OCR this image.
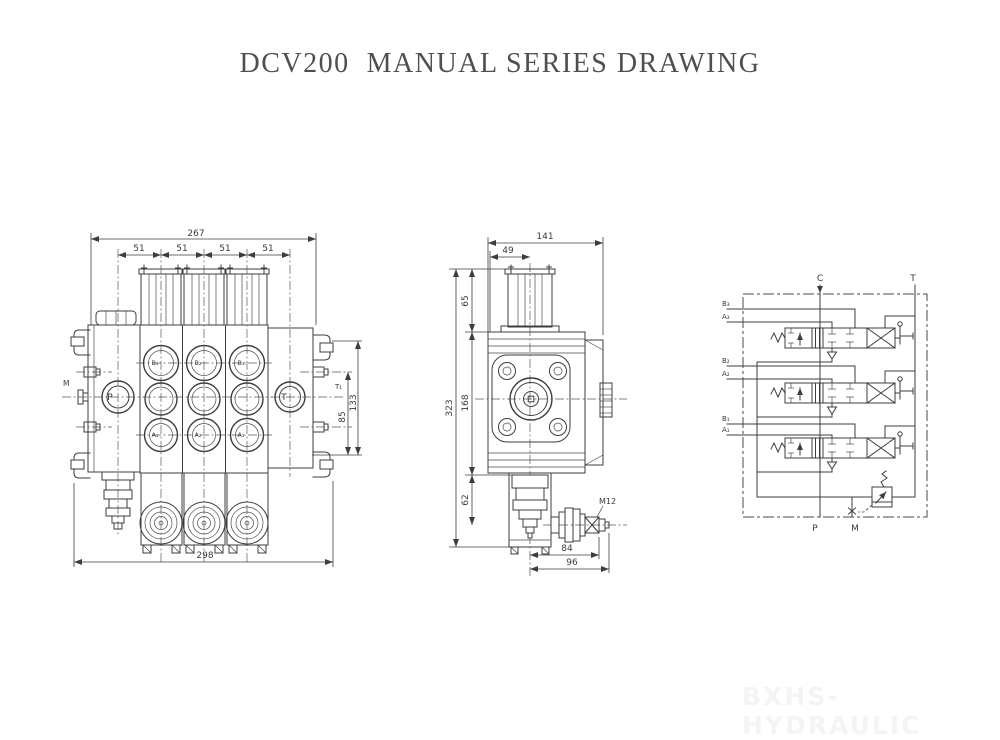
DCV200  MANUAL SERIES DRAWING
267
51	51	51	51
P
M
B₁	B₂	B₃
A₁	A₂	A₃
T
T₁
85
133
298
141
49
323
65
168
62	M12
84
96
C	T
B₃
A₃
B₂
A₂
B₁
A₁
P	M
BXHS-HYDRAULIC
